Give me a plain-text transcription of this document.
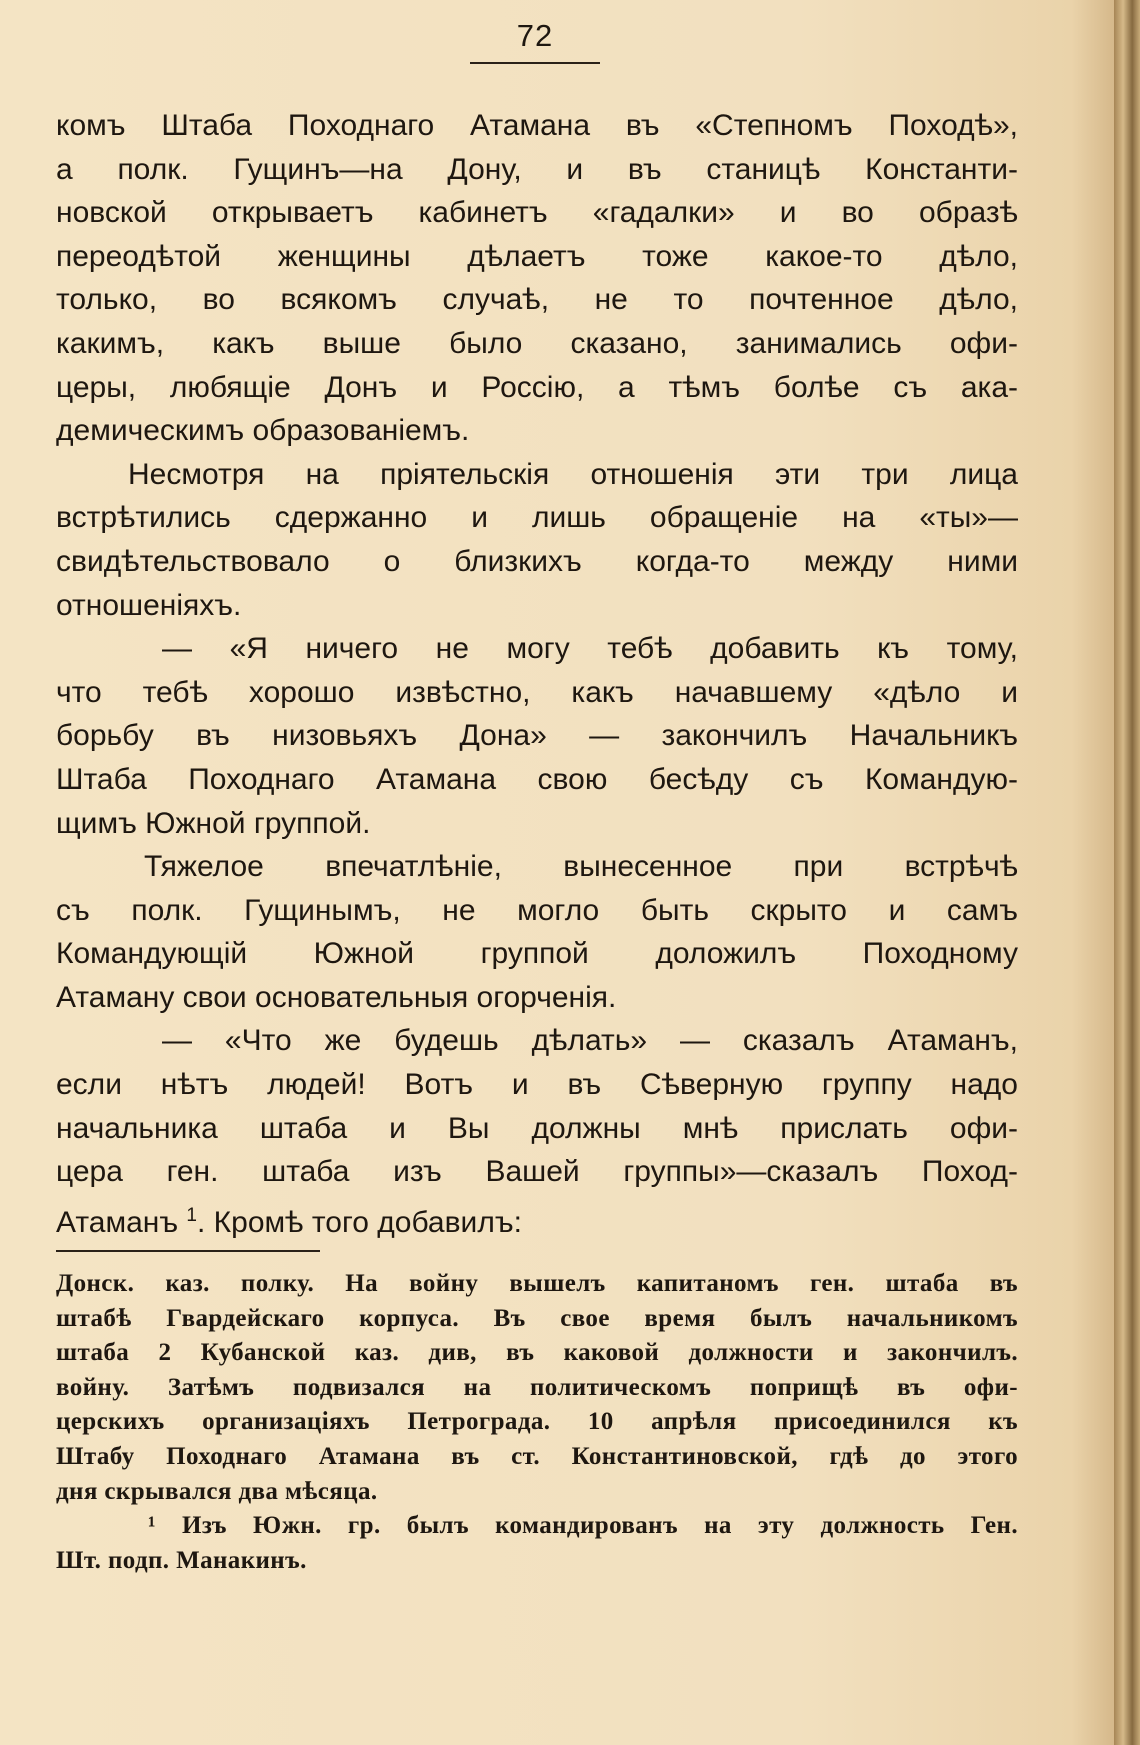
72
комъ Штаба Походнаго Атамана въ «Степномъ Походѣ»,
а полк. Гущинъ—на Дону, и въ станицѣ Константи-
новской открываетъ кабинетъ «гадалки» и во образѣ
переодѣтой женщины дѣлаетъ тоже какое-то дѣло,
только, во всякомъ случаѣ, не то почтенное дѣло,
какимъ, какъ выше было сказано, занимались офи-
церы, любящіе Донъ и Россію, а тѣмъ болѣе съ ака-
демическимъ образованіемъ.
Несмотря на пріятельскія отношенія эти три лица
встрѣтились сдержанно и лишь обращеніе на «ты»—
свидѣтельствовало о близкихъ когда-то между ними
отношеніяхъ.
— «Я ничего не могу тебѣ добавить къ тому,
что тебѣ хорошо извѣстно, какъ начавшему «дѣло и
борьбу въ низовьяхъ Дона» — закончилъ Начальникъ
Штаба Походнаго Атамана свою бесѣду съ Командую-
щимъ Южной группой.
Тяжелое впечатлѣніе, вынесенное при встрѣчѣ
съ полк. Гущинымъ, не могло быть скрыто и самъ
Командующій Южной группой доложилъ Походному
Атаману свои основательныя огорченія.
— «Что же будешь дѣлать» — сказалъ Атаманъ,
если нѣтъ людей! Вотъ и въ Сѣверную группу надо
начальника штаба и Вы должны мнѣ прислать офи-
цера ген. штаба изъ Вашей группы»—сказалъ Поход-
Атаманъ $^1$. Кромѣ того добавилъ:
Донск. каз. полку. На войну вышелъ капитаномъ ген. штаба въ
штабѣ Гвардейскаго корпуса. Въ свое время былъ начальникомъ
штаба 2 Кубанской каз. див, въ каковой должности и закончилъ.
войну. Затѣмъ подвизался на политическомъ поприщѣ въ офи-
церскихъ организаціяхъ Петрограда. 10 апрѣля присоединился къ
Штабу Походнаго Атамана въ ст. Константиновской, гдѣ до этого
дня скрывался два мѣсяца.
¹ Изъ Южн. гр. былъ командированъ на эту должность Ген.
Шт. подп. Манакинъ.
